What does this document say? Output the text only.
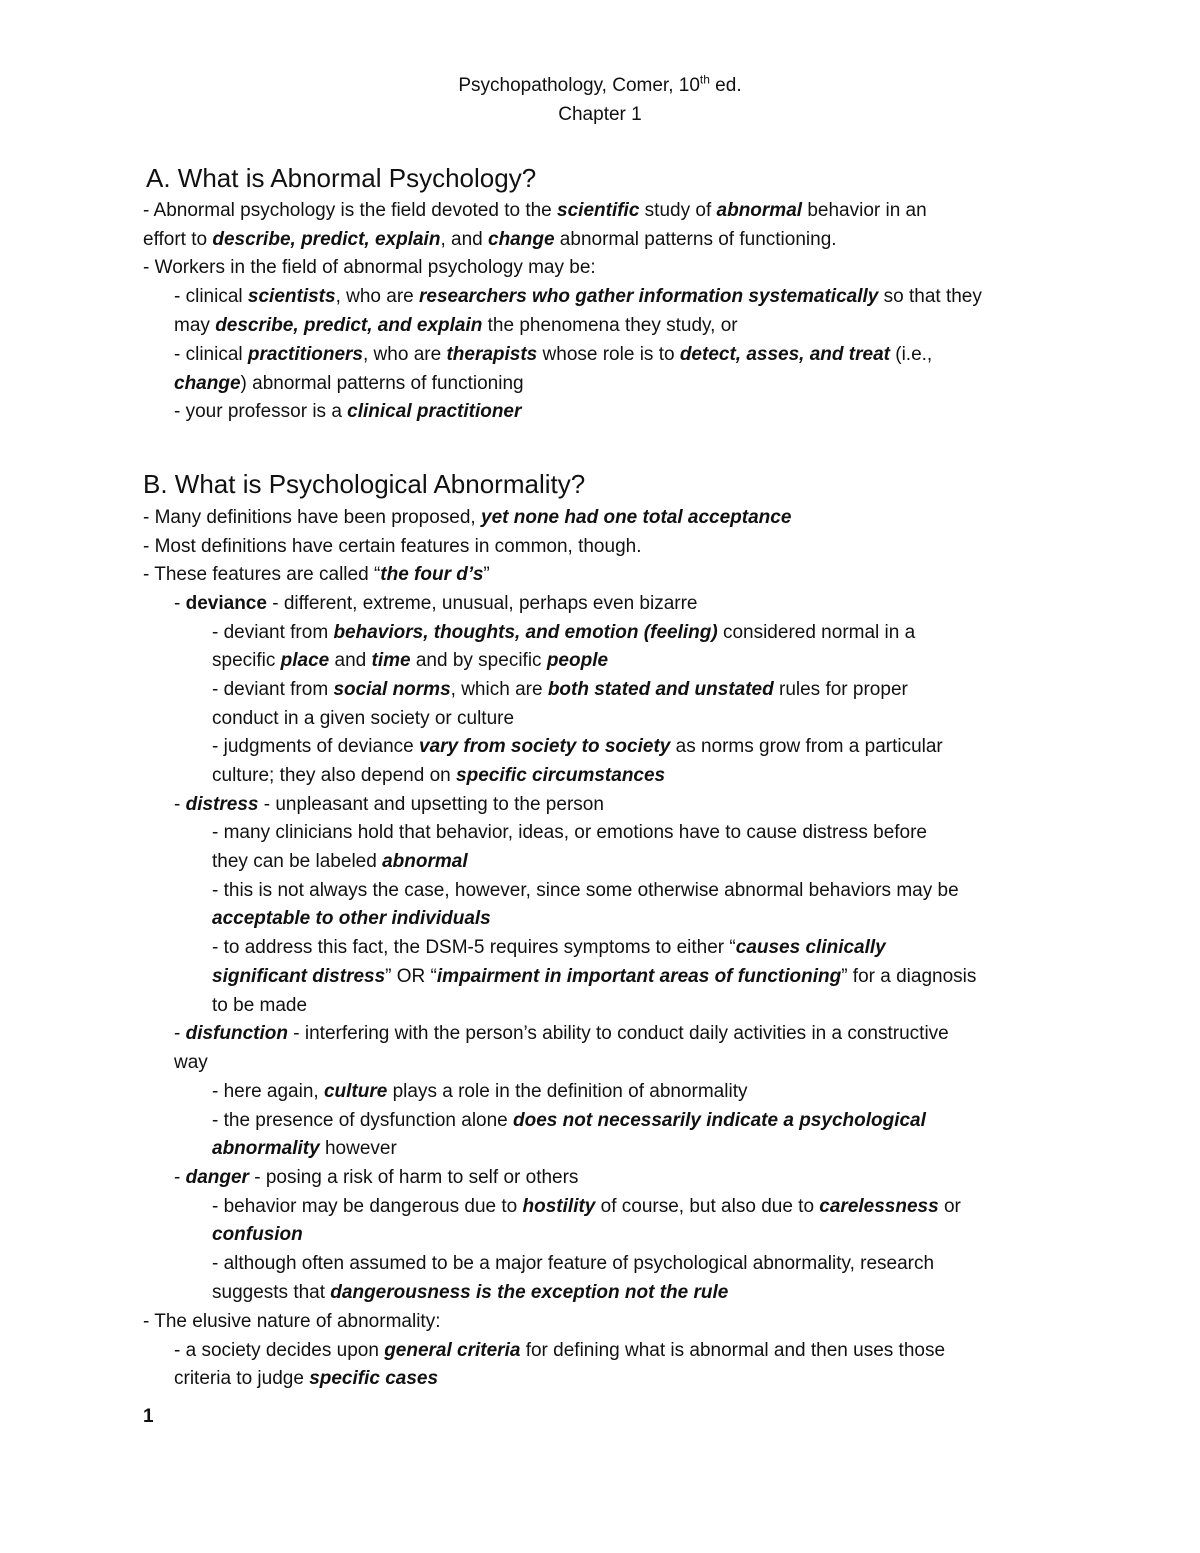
Psychopathology, Comer, 10th ed.
Chapter 1
A. What is Abnormal Psychology?
- Abnormal psychology is the field devoted to the scientific study of abnormal behavior in an
effort to describe, predict, explain, and change abnormal patterns of functioning.
- Workers in the field of abnormal psychology may be:
- clinical scientists, who are researchers who gather information systematically so that they
may describe, predict, and explain the phenomena they study, or
- clinical practitioners, who are therapists whose role is to detect, asses, and treat (i.e.,
change) abnormal patterns of functioning
- your professor is a clinical practitioner
B. What is Psychological Abnormality?
- Many definitions have been proposed, yet none had one total acceptance
- Most definitions have certain features in common, though.
- These features are called “the four d’s”
- deviance - different, extreme, unusual, perhaps even bizarre
- deviant from behaviors, thoughts, and emotion (feeling) considered normal in a
specific place and time and by specific people
- deviant from social norms, which are both stated and unstated rules for proper
conduct in a given society or culture
- judgments of deviance vary from society to society as norms grow from a particular
culture; they also depend on specific circumstances
- distress - unpleasant and upsetting to the person
- many clinicians hold that behavior, ideas, or emotions have to cause distress before
they can be labeled abnormal
- this is not always the case, however, since some otherwise abnormal behaviors may be
acceptable to other individuals
- to address this fact, the DSM-5 requires symptoms to either “causes clinically
significant distress” OR “impairment in important areas of functioning” for a diagnosis
to be made
- disfunction - interfering with the person’s ability to conduct daily activities in a constructive
way
- here again, culture plays a role in the definition of abnormality
- the presence of dysfunction alone does not necessarily indicate a psychological
abnormality however
- danger - posing a risk of harm to self or others
- behavior may be dangerous due to hostility of course, but also due to carelessness or
confusion
- although often assumed to be a major feature of psychological abnormality, research
suggests that dangerousness is the exception not the rule
- The elusive nature of abnormality:
- a society decides upon general criteria for defining what is abnormal and then uses those
criteria to judge specific cases
1
